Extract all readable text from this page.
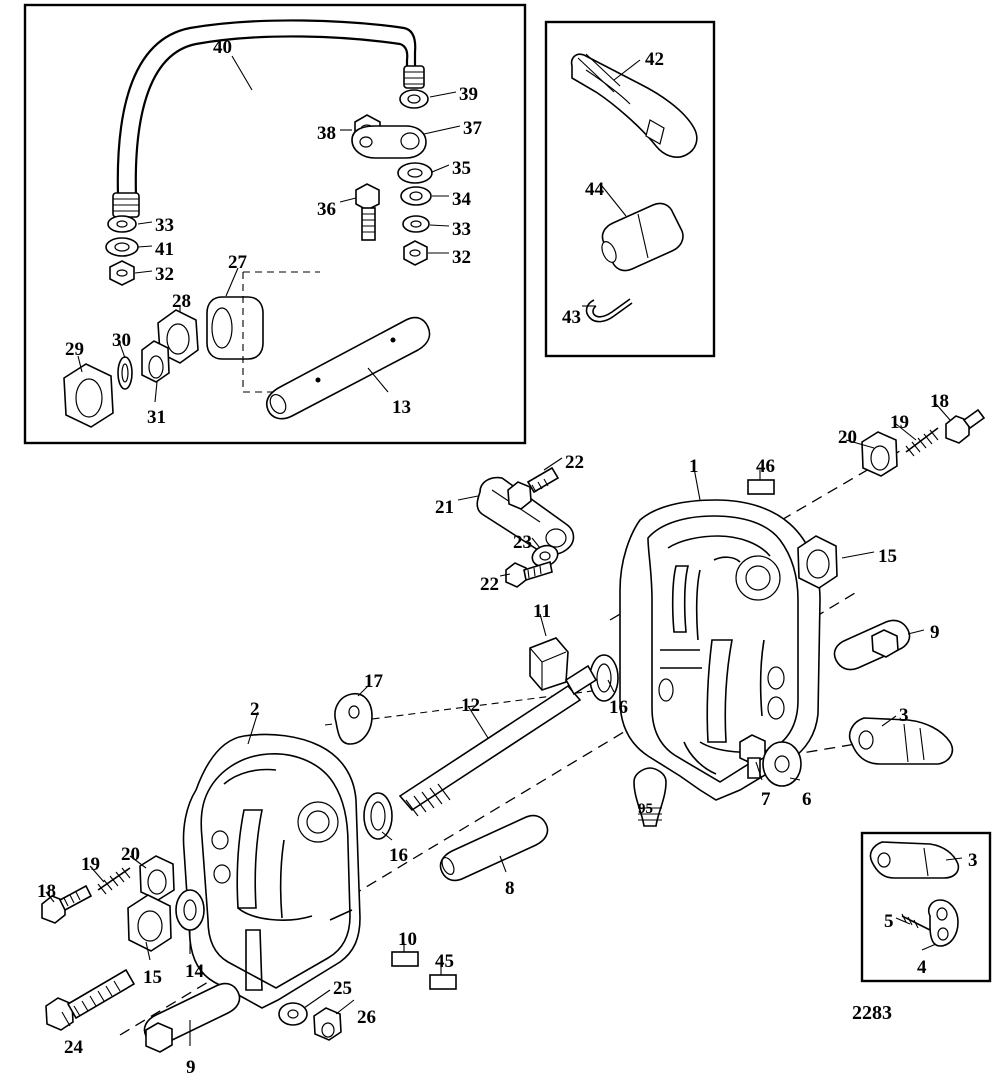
40
39
38	37
35
34
36
33
32
33
41
32
27
28
30
29
31	13
42
44
43
22
21
23
22
1	46
20
19
18
15
9
3
11
16
7 6
17
12
2
16
8
20
19
18
15 14
10
45
25
26
24
9
3
5
4
2283
95
